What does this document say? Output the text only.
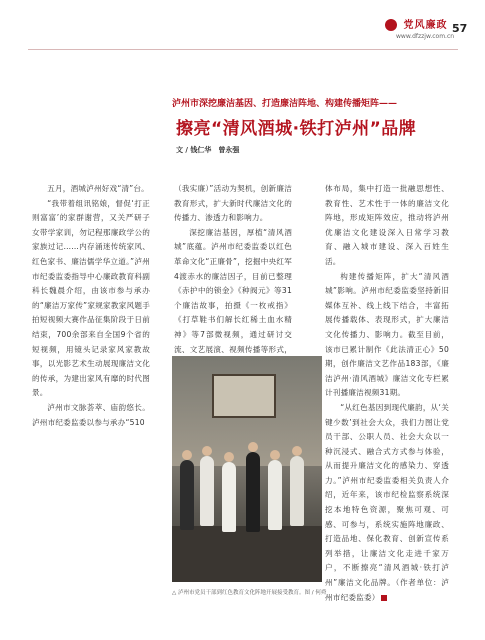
党风廉政
www.dfzzjw.com.cn
57
泸州市深挖廉洁基因、打造廉洁阵地、构建传播矩阵——
擦亮“清风酒城·铁打泸州”品牌
文 / 钱仁华　曾永强

五月，酒城泸州好戏“清”台。

“我带着组讯铭娘，督促‘打正则富富’的家群谢营，又关严研子女带学家训，勿记程那廉政学公的家族过记……内存涌迷传统家风、红色家书、廉洁儒学华立道。”泸州市纪委监委指导中心廉政教育科副科长魏晨介绍，由该市参与承办的“廉洁万家传”家规家教家风题手拍短视频大赛作品征集阶段于日前结束，700余部来自全国9个省的短视频，用镜头记录家风家教故事，以光影艺术生动展现廉洁文化的传承，为建出家风有靡的时代图景。

泸州市文脉荟萃、庙韵悠长。泸州市纪委监委以参与承办“510

（我实廉）”活动为契机，创新廉洁教育形式，扩大新时代廉洁文化的传播力、渗透力和影响力。

深挖廉洁基因，厚植“清风酒城”底蕴。泸州市纪委监委以红色革命文化“正廉骨”，挖掘中央红军4渡赤水的廉洁因子，目前已整理《赤护中的锁金》《种阀元》等31个廉洁故事，拍摄《一枚戒指》《打草鞋书们解长红稀土血水精神》等7部微视频，通过研讨交流、文艺展演、视频传播等形式，

体布局，集中打造一批融思想性、教育性、艺术性于一体的廉洁文化阵地，形成矩阵效应，推动将泸州优廉洁文化建设深入日常学习教育、融入城市建设、深入百姓生活。

构建传播矩阵，扩大“清风酒城”影响。泸州市纪委监委坚持新旧媒体互补、线上线下结合，丰富拓展传播载体、表现形式，扩大廉洁文化传播力、影响力。截至目前，该市已累计制作《此法清正心》50期，创作廉洁文艺作品183部，《廉洁泸州·清风酒城》廉洁文化专栏累计刊播廉洁视频31期。

“从红色基因到现代廉韵，从‘关键少数’到社会大众，我们力图让党员干部、公职人员、社会大众以一种沉浸式、融合式方式参与体验，从而提升廉洁文化的感染力、穿透力。”泸州市纪委监委相关负责人介绍，近年来，该市纪检监察系统深挖本地特色资源，聚焦可观、可感、可参与，系统实施阵地廉政、打造品地、保化教育、创新宣传系列举措，让廉洁文化走进千家万户，不断擦亮“清风酒城·铁打泸州”廉洁文化品牌。（作者单位：泸州市纪委监委）

△ 泸州市党员干部到红色教育文化阵地开展接受教育。图 / 何舜
